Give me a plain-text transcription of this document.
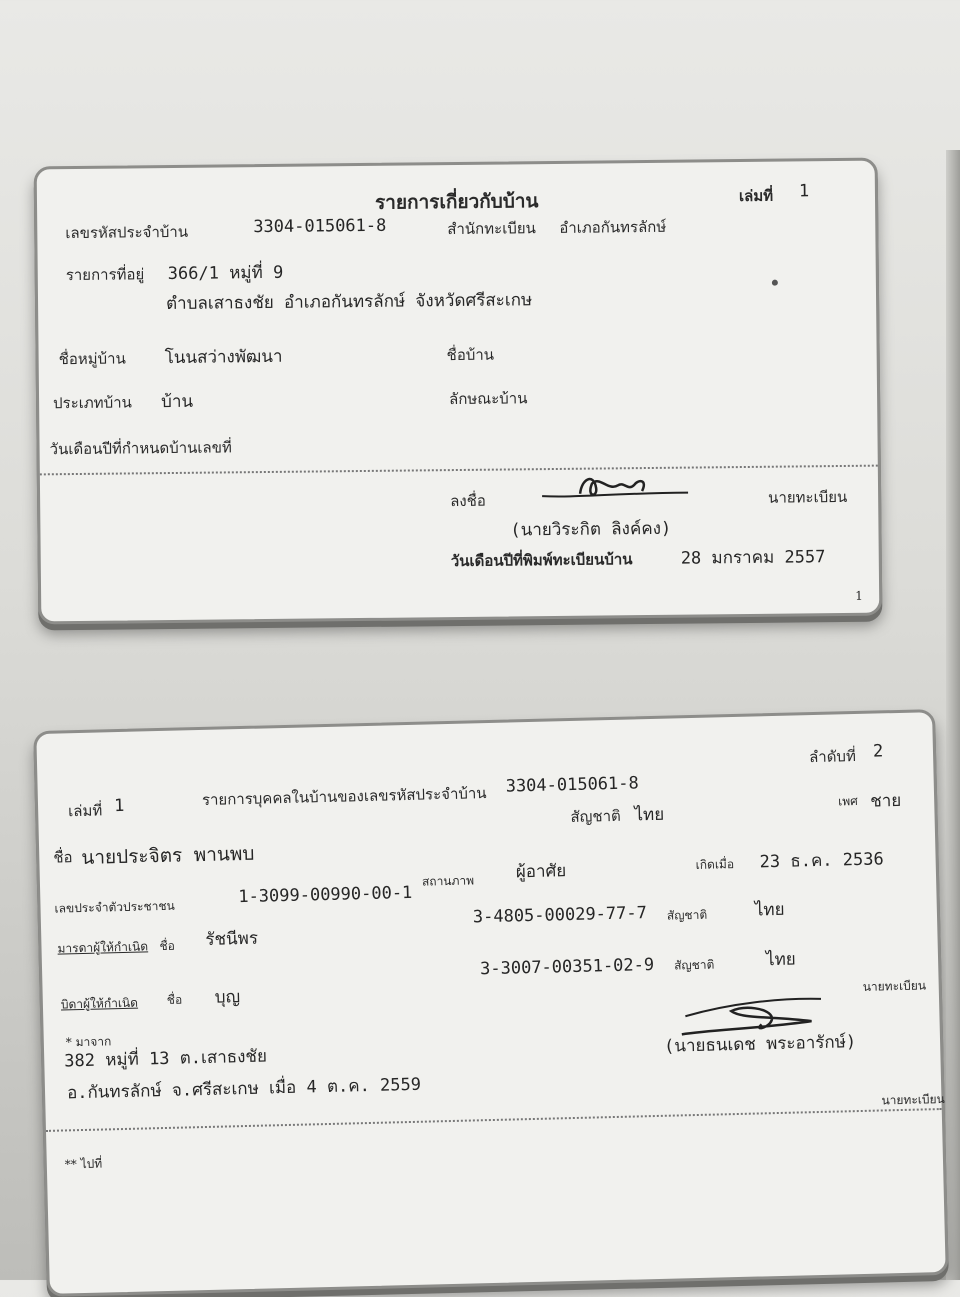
รายการเกี่ยวกับบ้าน	เล่มที่ 1
เลขรหัสประจำบ้าน	3304-015061-8	สำนักทะเบียน อำเภอกันทรลักษ์
รายการที่อยู่ 366/1 หมู่ที่ 9
ตำบลเสาธงชัย อำเภอกันทรลักษ์ จังหวัดศรีสะเกษ
ชื่อหมู่บ้าน โนนสว่างพัฒนา	ชื่อบ้าน
ประเภทบ้าน บ้าน	ลักษณะบ้าน
วันเดือนปีที่กำหนดบ้านเลขที่
ลงชื่อ	นายทะเบียน
(นายวิระกิต ลิงค์คง)
วันเดือนปีที่พิมพ์ทะเบียนบ้าน	28 มกราคม 2557
1
ลำดับที่ 2
เล่มที่ 1	รายการบุคคลในบ้านของเลขรหัสประจำบ้าน 3304-015061-8
สัญชาติ ไทย
เพศ ชาย
ชื่อ นายประจิตร พานพบ
สถานภาพ ผู้อาศัย	เกิดเมื่อ 23 ธ.ค. 2536
เลขประจำตัวประชาชน
1-3099-00990-00-1
3-4805-00029-77-7 สัญชาติ	ไทย
มารดาผู้ให้กำเนิด ชื่อ รัชนีพร
3-3007-00351-02-9 สัญชาติ	ไทย
บิดาผู้ให้กำเนิด ชื่อ บุญ
นายทะเบียน
* มาจาก
382 หมู่ที่ 13 ต.เสาธงชัย
อ.กันทรลักษ์ จ.ศรีสะเกษ เมื่อ 4 ต.ค. 2559
(นายธนเดช พระอารักษ์)
นายทะเบียน
** ไปที่
